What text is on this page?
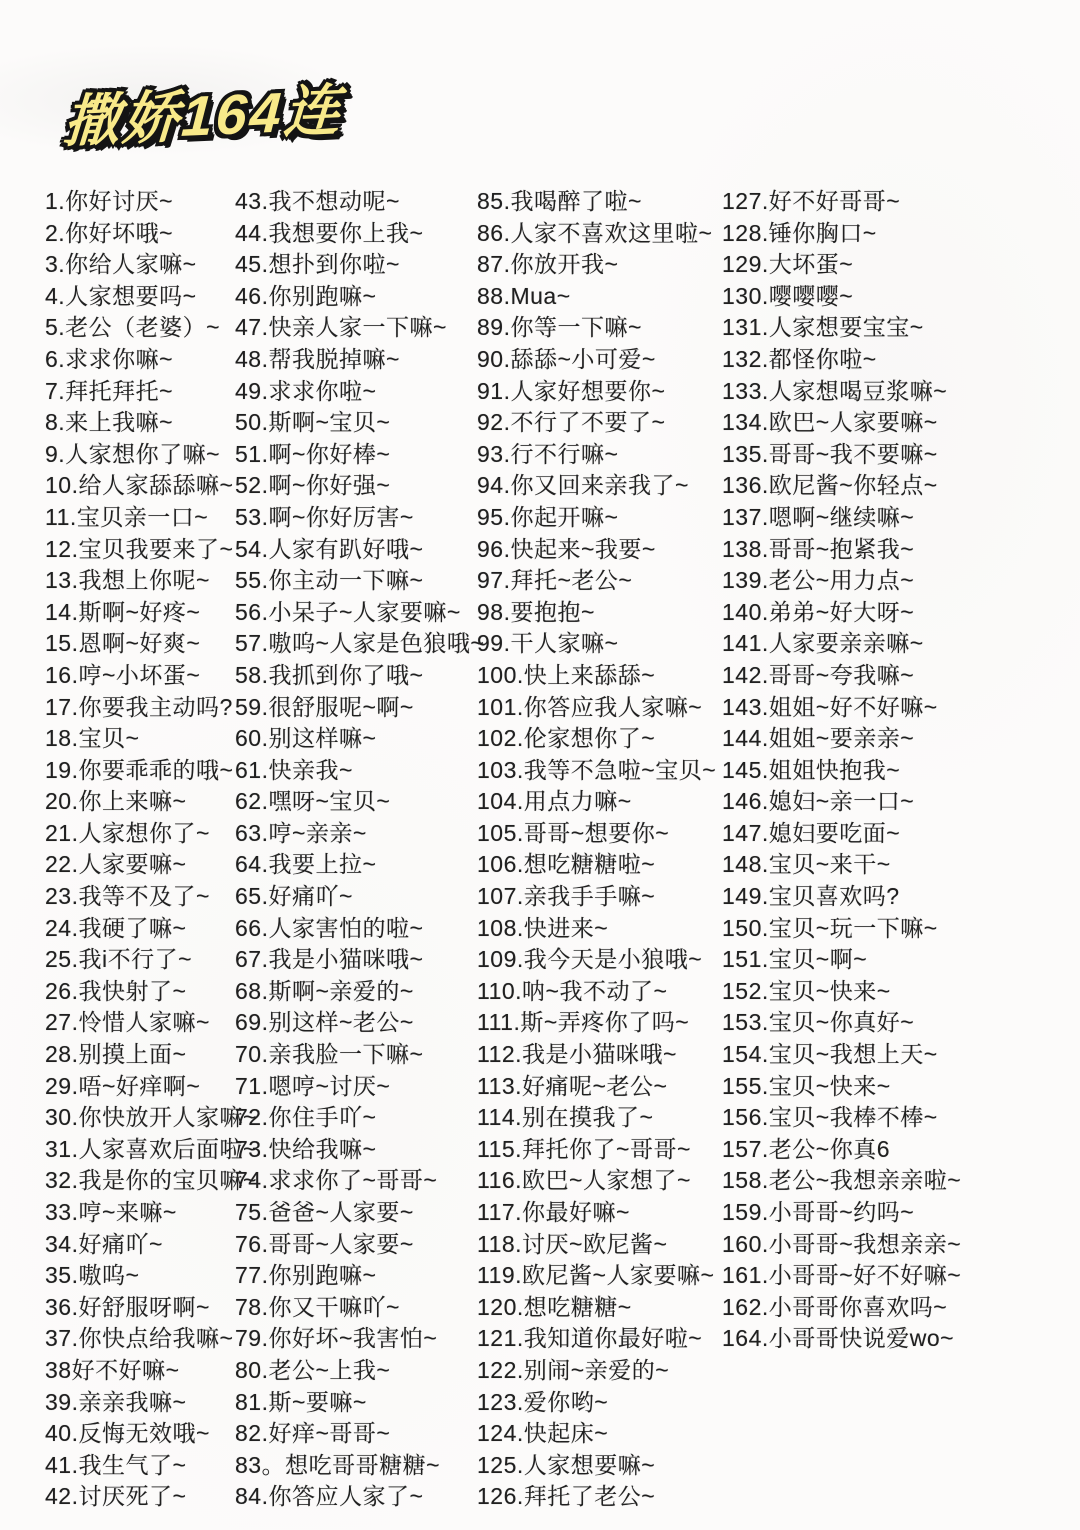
撒娇164连
1.你好讨厌~
2.你好坏哦~
3.你给人家嘛~
4.人家想要吗~
5.老公（老婆）~
6.求求你嘛~
7.拜托拜托~
8.来上我嘛~
9.人家想你了嘛~
10.给人家舔舔嘛~
11.宝贝亲一口~
12.宝贝我要来了~
13.我想上你呢~
14.斯啊~好疼~
15.恩啊~好爽~
16.哼~小坏蛋~
17.你要我主动吗?
18.宝贝~
19.你要乖乖的哦~
20.你上来嘛~
21.人家想你了~
22.人家要嘛~
23.我等不及了~
24.我硬了嘛~
25.我i不行了~
26.我快射了~
27.怜惜人家嘛~
28.别摸上面~
29.唔~好痒啊~
30.你快放开人家嘛~
31.人家喜欢后面啦~
32.我是你的宝贝嘛~
33.哼~来嘛~
34.好痛吖~
35.嗷呜~
36.好舒服呀啊~
37.你快点给我嘛~
38好不好嘛~
39.亲亲我嘛~
40.反悔无效哦~
41.我生气了~
42.讨厌死了~
43.我不想动呢~
44.我想要你上我~
45.想扑到你啦~
46.你别跑嘛~
47.快亲人家一下嘛~
48.帮我脱掉嘛~
49.求求你啦~
50.斯啊~宝贝~
51.啊~你好棒~
52.啊~你好强~
53.啊~你好厉害~
54.人家有趴好哦~
55.你主动一下嘛~
56.小呆子~人家要嘛~
57.嗷呜~人家是色狼哦~
58.我抓到你了哦~
59.很舒服呢~啊~
60.别这样嘛~
61.快亲我~
62.嘿呀~宝贝~
63.哼~亲亲~
64.我要上拉~
65.好痛吖~
66.人家害怕的啦~
67.我是小猫咪哦~
68.斯啊~亲爱的~
69.别这样~老公~
70.亲我脸一下嘛~
71.嗯哼~讨厌~
72.你住手吖~
73.快给我嘛~
74.求求你了~哥哥~
75.爸爸~人家要~
76.哥哥~人家要~
77.你别跑嘛~
78.你又干嘛吖~
79.你好坏~我害怕~
80.老公~上我~
81.斯~要嘛~
82.好痒~哥哥~
83。想吃哥哥糖糖~
84.你答应人家了~
85.我喝醉了啦~
86.人家不喜欢这里啦~
87.你放开我~
88.Mua~
89.你等一下嘛~
90.舔舔~小可爱~
91.人家好想要你~
92.不行了不要了~
93.行不行嘛~
94.你又回来亲我了~
95.你起开嘛~
96.快起来~我要~
97.拜托~老公~
98.要抱抱~
99.干人家嘛~
100.快上来舔舔~
101.你答应我人家嘛~
102.伦家想你了~
103.我等不急啦~宝贝~
104.用点力嘛~
105.哥哥~想要你~
106.想吃糖糖啦~
107.亲我手手嘛~
108.快进来~
109.我今天是小狼哦~
110.呐~我不动了~
111.斯~弄疼你了吗~
112.我是小猫咪哦~
113.好痛呢~老公~
114.别在摸我了~
115.拜托你了~哥哥~
116.欧巴~人家想了~
117.你最好嘛~
118.讨厌~欧尼酱~
119.欧尼酱~人家要嘛~
120.想吃糖糖~
121.我知道你最好啦~
122.别闹~亲爱的~
123.爱你哟~
124.快起床~
125.人家想要嘛~
126.拜托了老公~
127.好不好哥哥~
128.锤你胸口~
129.大坏蛋~
130.嘤嘤嘤~
131.人家想要宝宝~
132.都怪你啦~
133.人家想喝豆浆嘛~
134.欧巴~人家要嘛~
135.哥哥~我不要嘛~
136.欧尼酱~你轻点~
137.嗯啊~继续嘛~
138.哥哥~抱紧我~
139.老公~用力点~
140.弟弟~好大呀~
141.人家要亲亲嘛~
142.哥哥~夸我嘛~
143.姐姐~好不好嘛~
144.姐姐~要亲亲~
145.姐姐快抱我~
146.媳妇~亲一口~
147.媳妇要吃面~
148.宝贝~来干~
149.宝贝喜欢吗?
150.宝贝~玩一下嘛~
151.宝贝~啊~
152.宝贝~快来~
153.宝贝~你真好~
154.宝贝~我想上天~
155.宝贝~快来~
156.宝贝~我棒不棒~
157.老公~你真6
158.老公~我想亲亲啦~
159.小哥哥~约吗~
160.小哥哥~我想亲亲~
161.小哥哥~好不好嘛~
162.小哥哥你喜欢吗~
164.小哥哥快说爱wo~
